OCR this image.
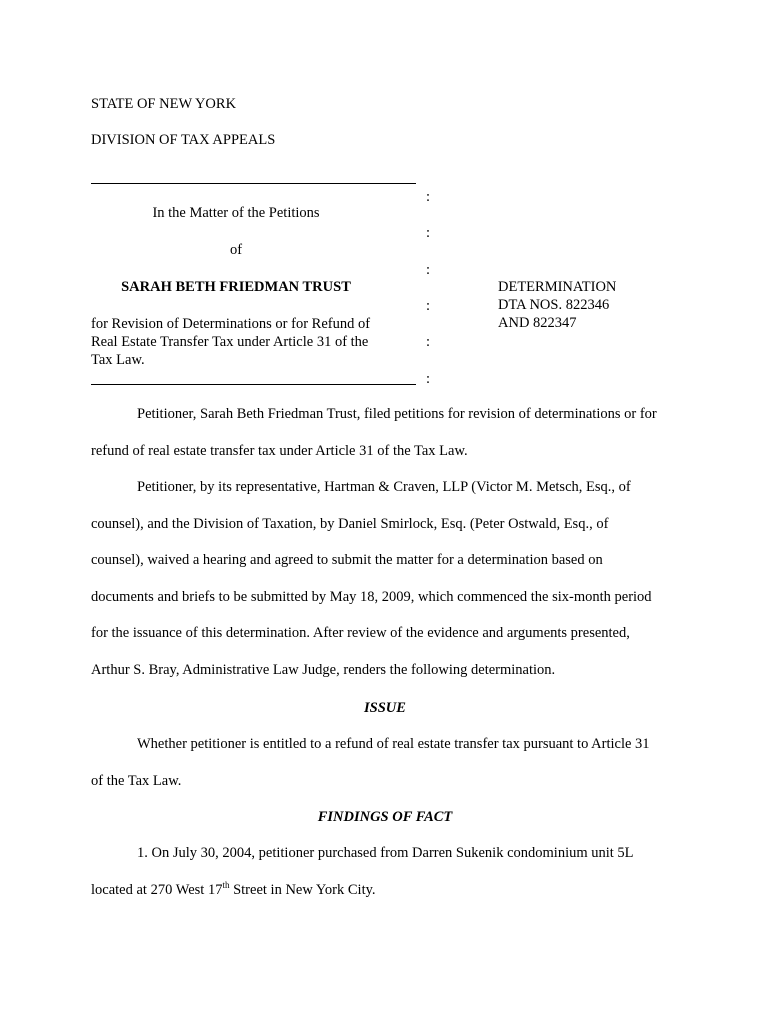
STATE OF NEW YORK
DIVISION OF TAX APPEALS
:
In the Matter of the Petitions
:
of
:
SARAH BETH FRIEDMAN TRUST
:
for Revision of Determinations or for Refund of
Real Estate Transfer Tax under Article 31 of the	:
Tax Law.
:
DETERMINATION
DTA NOS. 822346
AND 822347

Petitioner, Sarah Beth Friedman Trust, filed petitions for revision of determinations or for

refund of real estate transfer tax under Article 31 of the Tax Law.

Petitioner, by its representative, Hartman & Craven, LLP (Victor M. Metsch, Esq., of

counsel), and the Division of Taxation, by Daniel Smirlock, Esq. (Peter Ostwald, Esq., of

counsel), waived a hearing and agreed to submit the matter for a determination based on

documents and briefs to be submitted by May 18, 2009, which commenced the six-month period

for the issuance of this determination. After review of the evidence and arguments presented,

Arthur S. Bray, Administrative Law Judge, renders the following determination.

ISSUE

Whether petitioner is entitled to a refund of real estate transfer tax pursuant to Article 31

of the Tax Law.

FINDINGS OF FACT

1. On July 30, 2004, petitioner purchased from Darren Sukenik condominium unit 5L

located at 270 West 17th Street in New York City.
